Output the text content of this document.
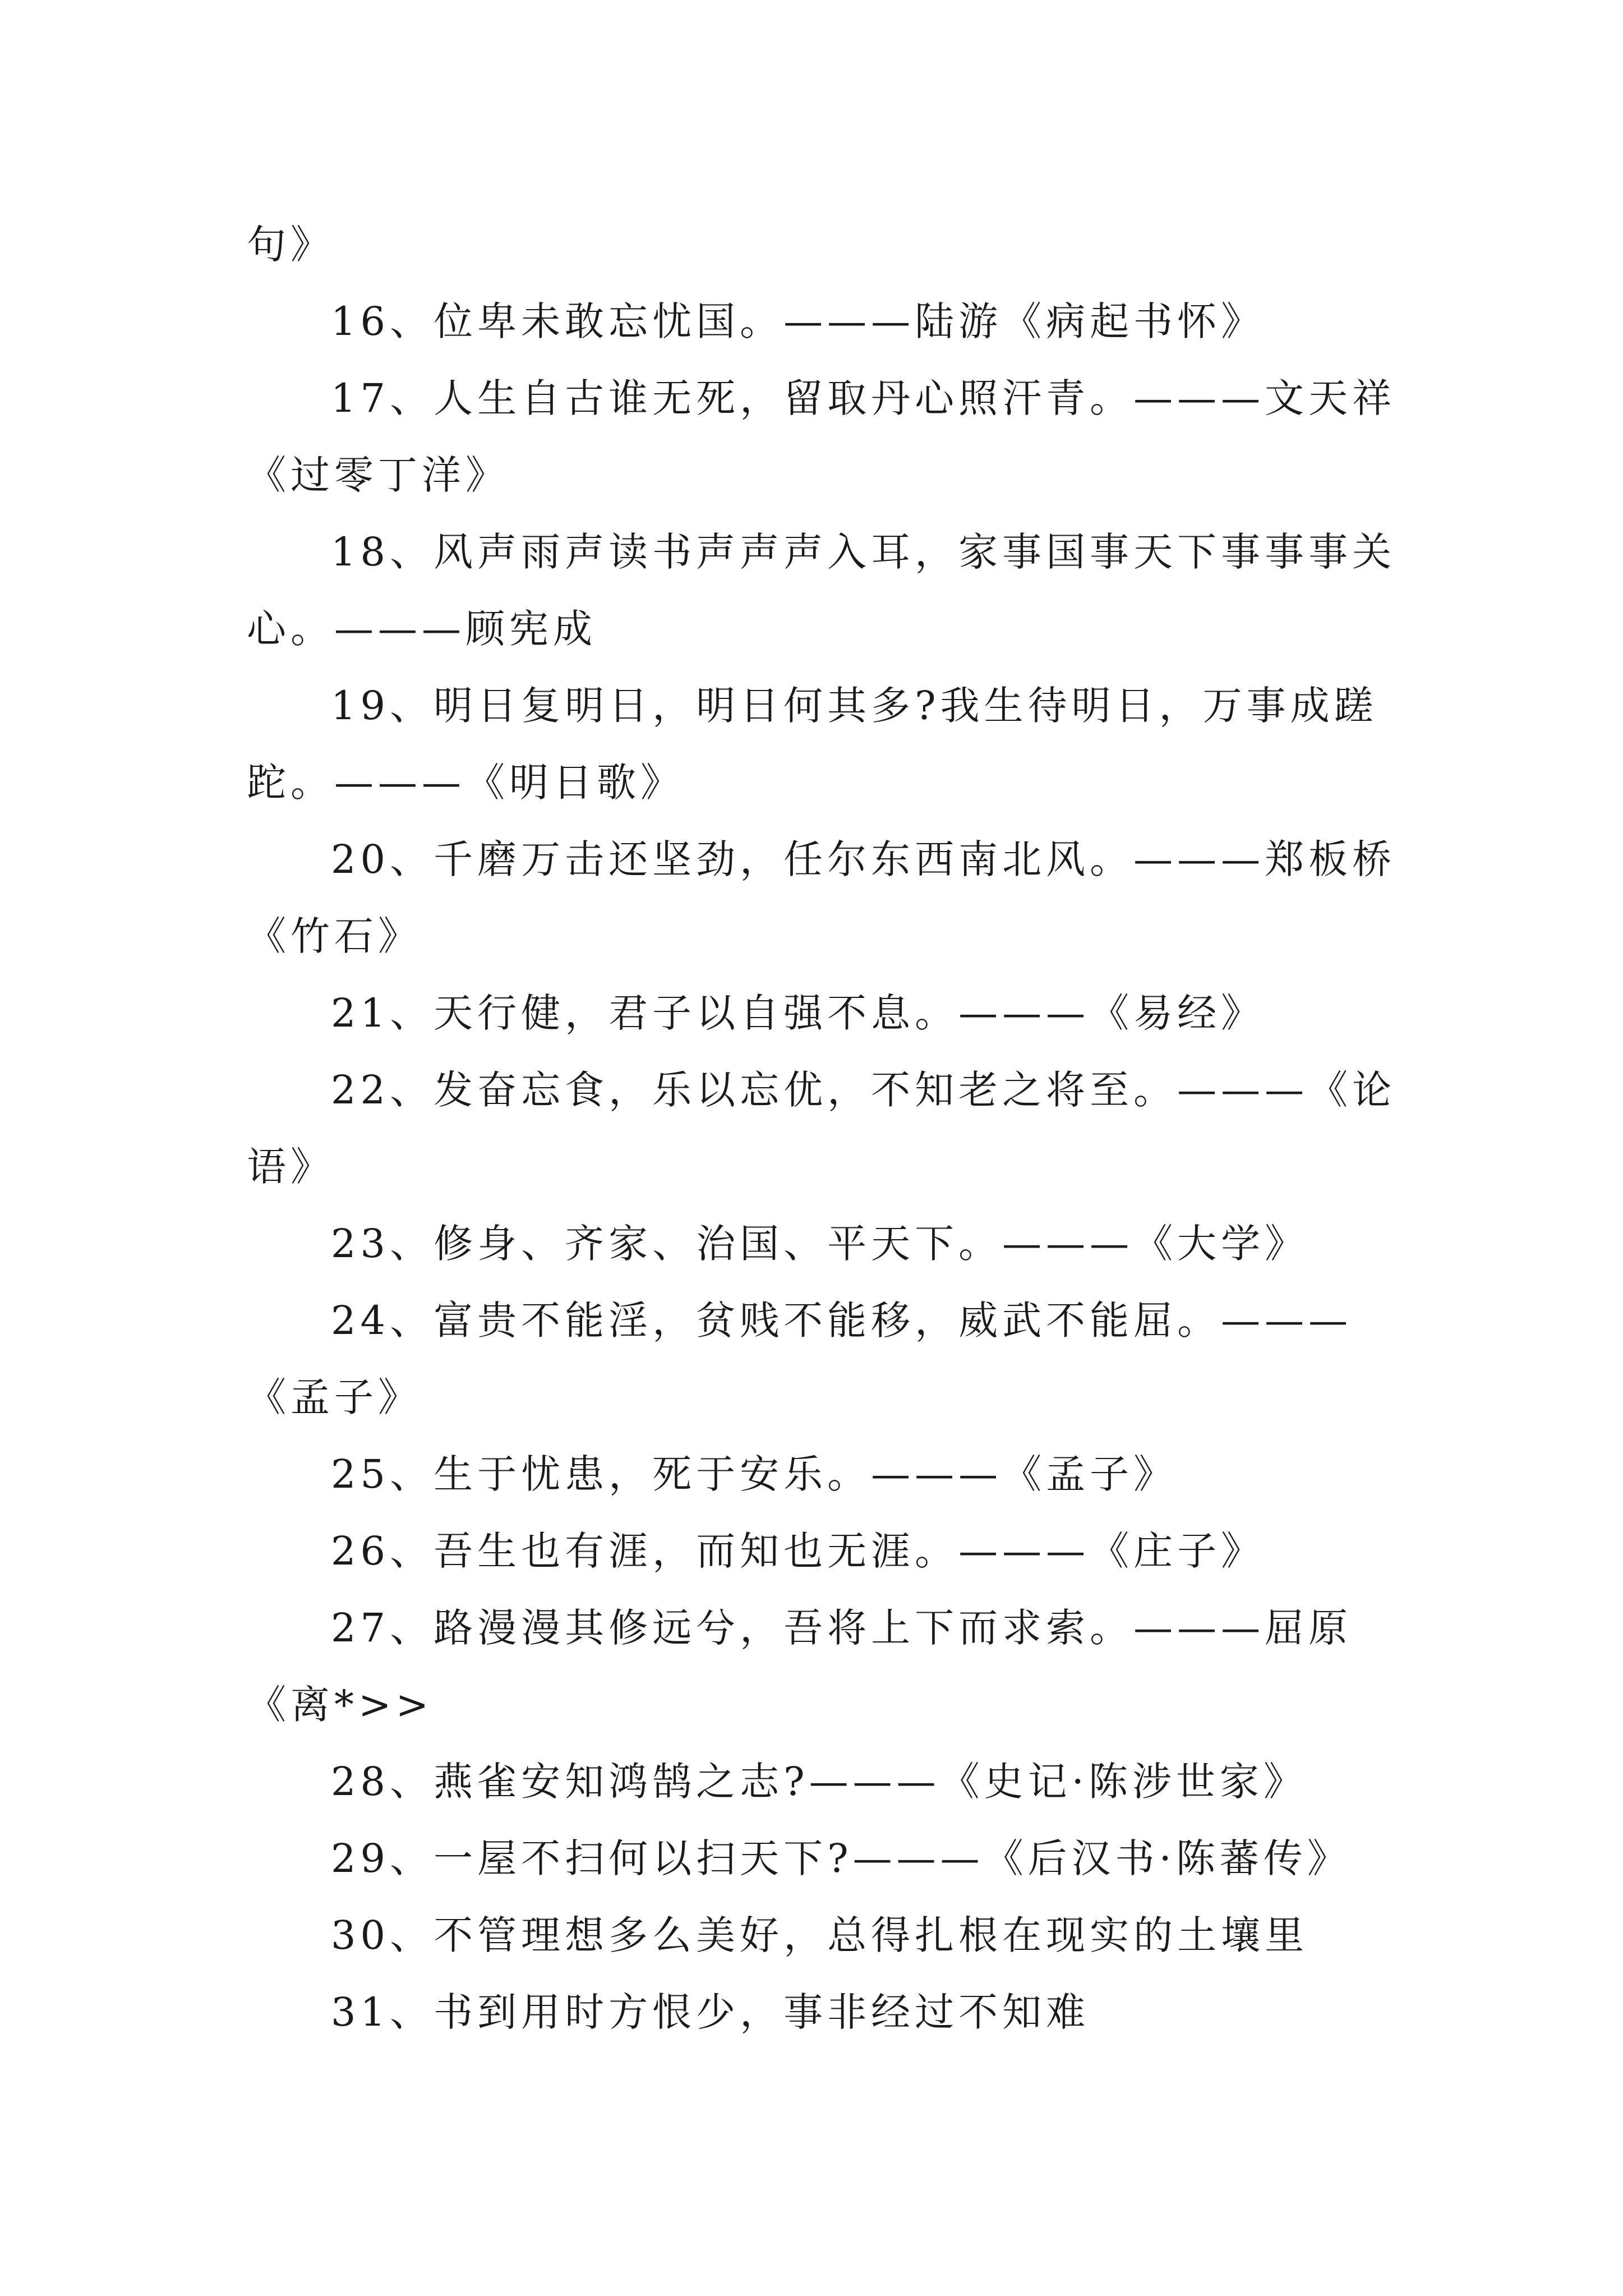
句》
16、位卑未敢忘忧国。———陆游《病起书怀》
17、人生自古谁无死，留取丹心照汗青。———文天祥
《过零丁洋》
18、风声雨声读书声声声入耳，家事国事天下事事事关
心。———顾宪成
19、明日复明日，明日何其多?我生待明日，万事成蹉
跎。———《明日歌》
20、千磨万击还坚劲，任尔东西南北风。———郑板桥
《竹石》
21、天行健，君子以自强不息。———《易经》
22、发奋忘食，乐以忘优，不知老之将至。———《论
语》
23、修身、齐家、治国、平天下。———《大学》
24、富贵不能淫，贫贱不能移，威武不能屈。———
《孟子》
25、生于忧患，死于安乐。———《孟子》
26、吾生也有涯，而知也无涯。———《庄子》
27、路漫漫其修远兮，吾将上下而求索。———屈原
《离*>>
28、燕雀安知鸿鹄之志?———《史记·陈涉世家》
29、一屋不扫何以扫天下?———《后汉书·陈蕃传》
30、不管理想多么美好，总得扎根在现实的土壤里
31、书到用时方恨少，事非经过不知难
